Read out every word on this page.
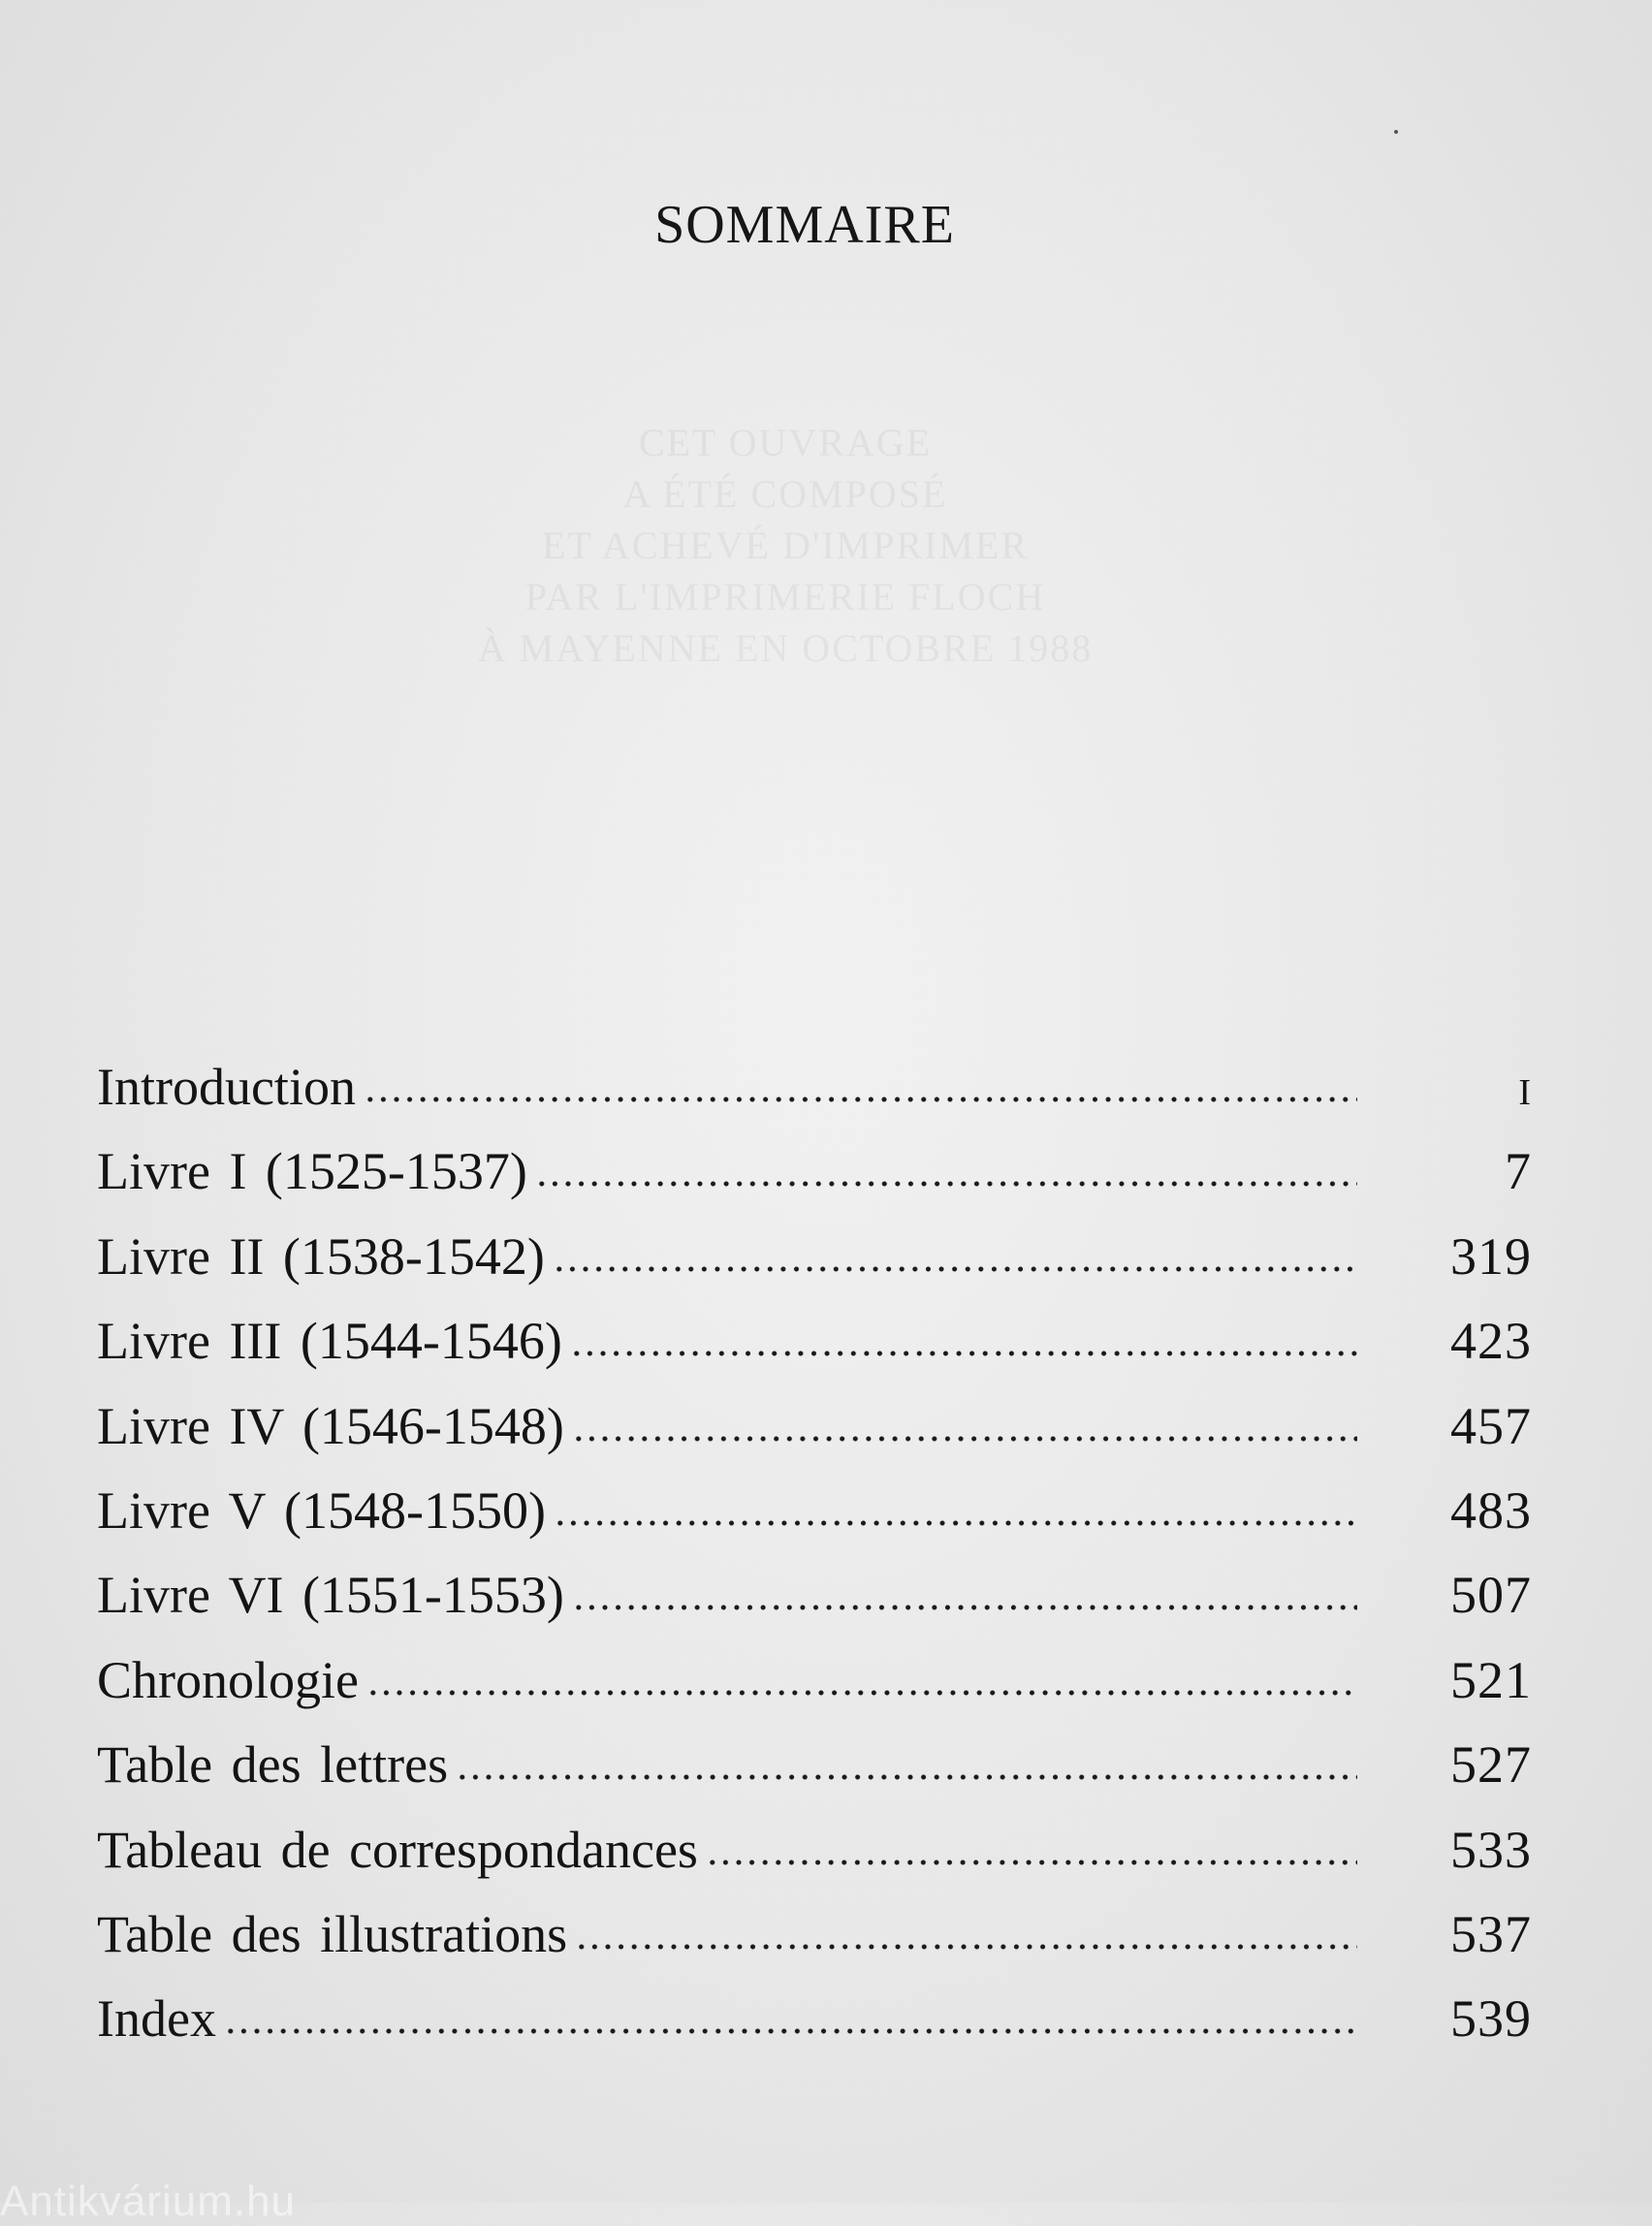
SOMMAIRE
CET OUVRAGE
A ÉTÉ COMPOSÉ
ET ACHEVÉ D'IMPRIMER
PAR L'IMPRIMERIE FLOCH
À MAYENNE EN OCTOBRE 1988
Introduction	I
Livre I (1525-1537)	7
Livre II (1538-1542)	319
Livre III (1544-1546)	423
Livre IV (1546-1548)	457
Livre V (1548-1550)	483
Livre VI (1551-1553)	507
Chronologie	521
Table des lettres	527
Tableau de correspondances	533
Table des illustrations	537
Index	539
Antikvárium.hu
